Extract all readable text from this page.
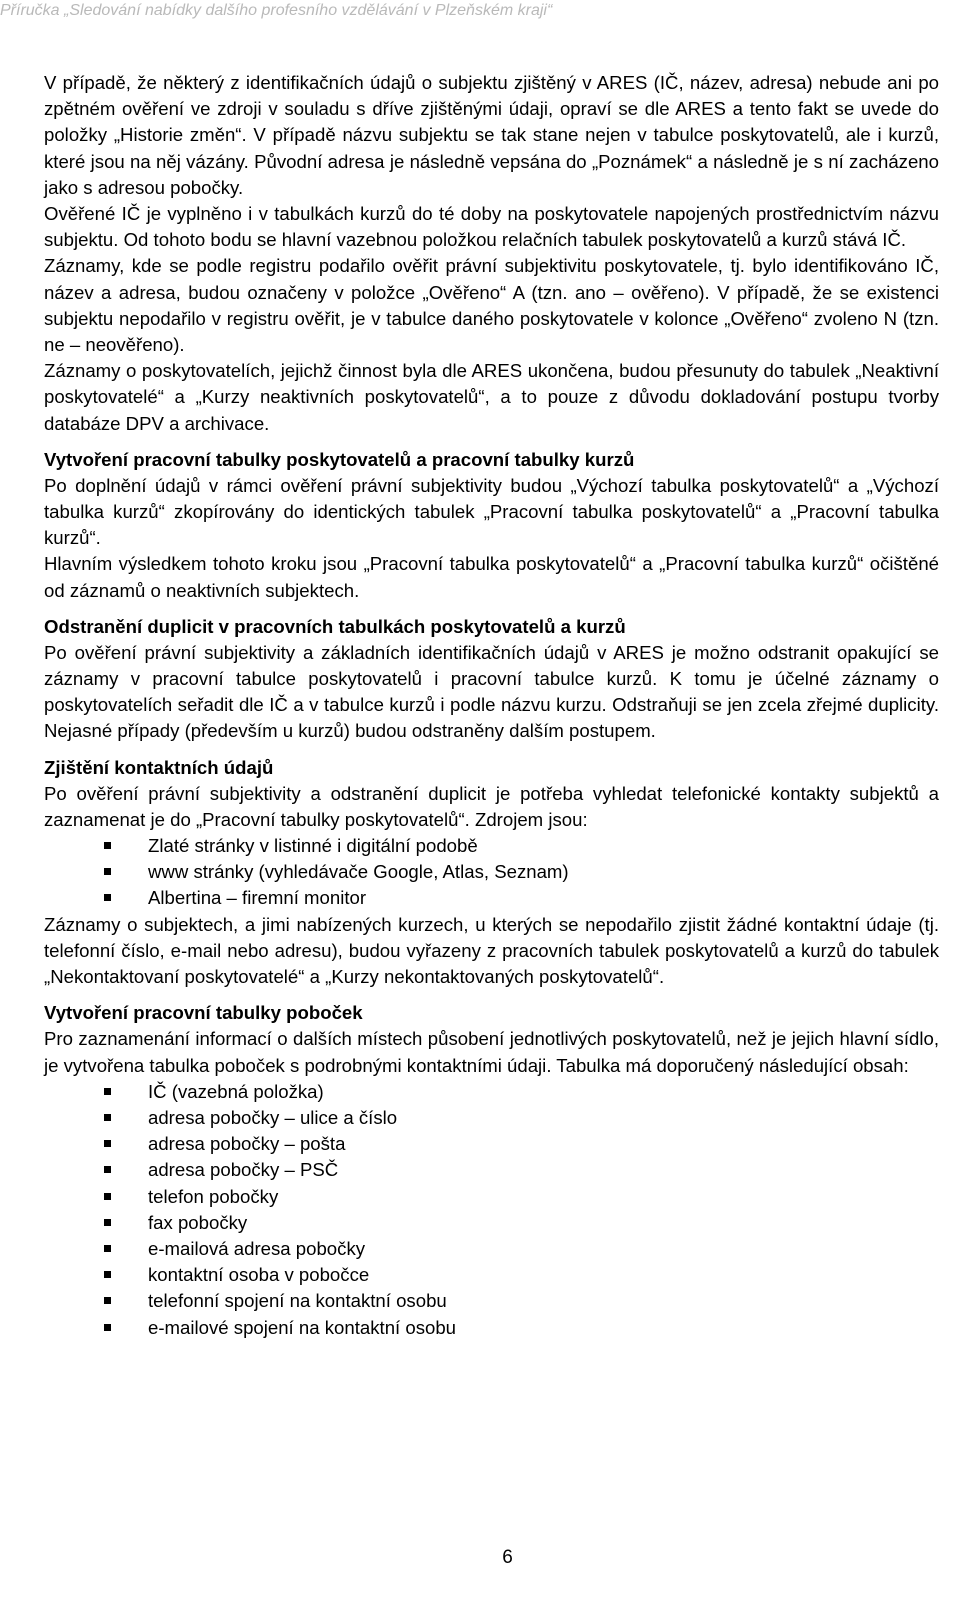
Příručka „Sledování nabídky dalšího profesního vzdělávání v Plzeňském kraji“

V případě, že některý z identifikačních údajů o subjektu zjištěný v ARES (IČ, název, adresa) nebude ani po zpětném ověření ve zdroji v souladu s dříve zjištěnými údaji, opraví se dle ARES a tento fakt se uvede do položky „Historie změn“. V případě názvu subjektu se tak stane nejen v tabulce poskytovatelů, ale i kurzů, které jsou na něj vázány. Původní adresa je následně vepsána do „Poznámek“ a následně je s ní zacházeno jako s adresou pobočky.

Ověřené IČ je vyplněno i v tabulkách kurzů do té doby na poskytovatele napojených prostřednictvím názvu subjektu. Od tohoto bodu se hlavní vazebnou položkou relačních tabulek poskytovatelů a kurzů stává IČ.

Záznamy, kde se podle registru podařilo ověřit právní subjektivitu poskytovatele, tj. bylo identifikováno IČ, název a adresa, budou označeny v položce „Ověřeno“ A (tzn. ano – ověřeno). V případě, že se existenci subjektu nepodařilo v registru ověřit, je v tabulce daného poskytovatele v kolonce „Ověřeno“ zvoleno N (tzn. ne – neověřeno).

Záznamy o poskytovatelích, jejichž činnost byla dle ARES ukončena, budou přesunuty do tabulek „Neaktivní poskytovatelé“ a „Kurzy neaktivních poskytovatelů“, a to pouze z důvodu dokladování postupu tvorby databáze DPV a archivace.

Vytvoření pracovní tabulky poskytovatelů a pracovní tabulky kurzů

Po doplnění údajů v rámci ověření právní subjektivity budou „Výchozí tabulka poskytovatelů“ a „Výchozí tabulka kurzů“ zkopírovány do identických tabulek „Pracovní tabulka poskytovatelů“ a „Pracovní tabulka kurzů“.

Hlavním výsledkem tohoto kroku jsou „Pracovní tabulka poskytovatelů“ a „Pracovní tabulka kurzů“ očištěné od záznamů o neaktivních subjektech.

Odstranění duplicit v pracovních tabulkách poskytovatelů a kurzů

Po ověření právní subjektivity a základních identifikačních údajů v ARES je možno odstranit opakující se záznamy v pracovní tabulce poskytovatelů i pracovní tabulce kurzů. K tomu je účelné záznamy o poskytovatelích seřadit dle IČ a v tabulce kurzů i podle názvu kurzu. Odstraňuji se jen zcela zřejmé duplicity. Nejasné případy (především u kurzů) budou odstraněny dalším postupem.

Zjištění kontaktních údajů

Po ověření právní subjektivity a odstranění duplicit je potřeba vyhledat telefonické kontakty subjektů a zaznamenat je do „Pracovní tabulky poskytovatelů“. Zdrojem jsou:

Zlaté stránky v listinné i digitální podobě
www stránky (vyhledávače Google, Atlas, Seznam)
Albertina – firemní monitor

Záznamy o subjektech, a jimi nabízených kurzech, u kterých se nepodařilo zjistit žádné kontaktní údaje (tj. telefonní číslo, e-mail nebo adresu), budou vyřazeny z pracovních tabulek poskytovatelů a kurzů do tabulek „Nekontaktovaní poskytovatelé“ a „Kurzy nekontaktovaných poskytovatelů“.

Vytvoření pracovní tabulky poboček

Pro zaznamenání informací o dalších místech působení jednotlivých poskytovatelů, než je jejich hlavní sídlo, je vytvořena tabulka poboček s podrobnými kontaktními údaji. Tabulka má doporučený následující obsah:

IČ (vazebná položka)
adresa pobočky – ulice a číslo
adresa pobočky – pošta
adresa pobočky – PSČ
telefon pobočky
fax pobočky
e-mailová adresa pobočky
kontaktní osoba v pobočce
telefonní spojení na kontaktní osobu
e-mailové spojení na kontaktní osobu
6
